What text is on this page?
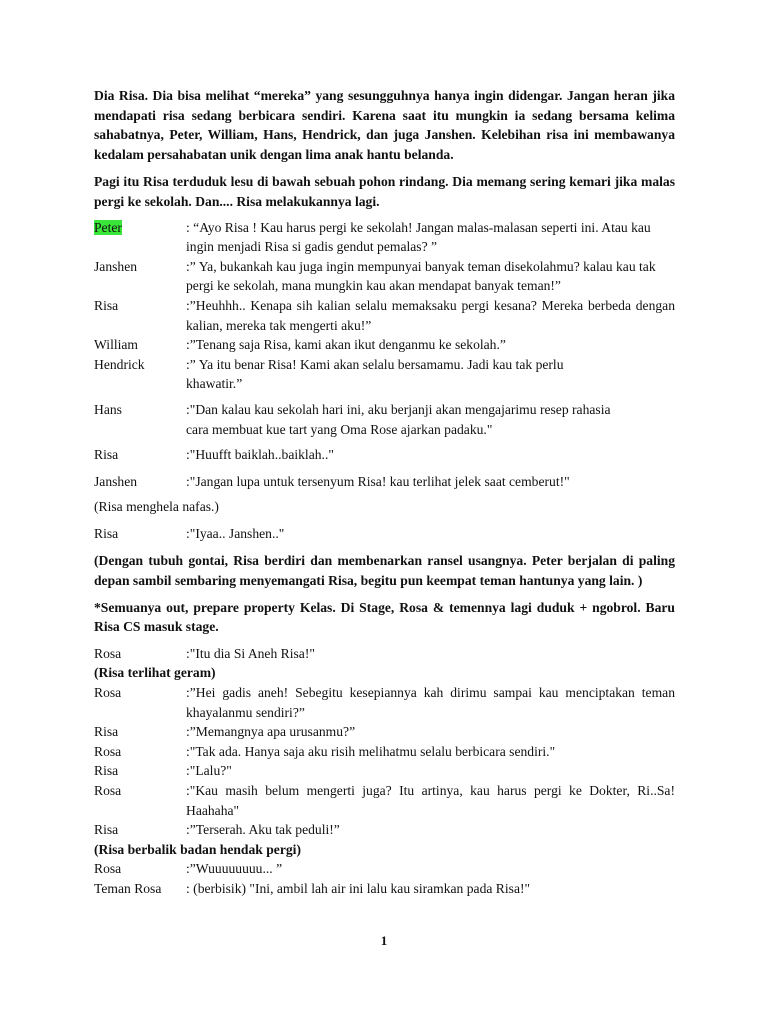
Dia Risa. Dia bisa melihat “mereka” yang sesungguhnya hanya ingin didengar. Jangan heran jika mendapati risa sedang berbicara sendiri. Karena saat itu mungkin ia sedang bersama kelima sahabatnya, Peter, William, Hans, Hendrick, dan juga Janshen. Kelebihan risa ini membawanya kedalam persahabatan unik dengan lima anak hantu belanda.

Pagi itu Risa terduduk lesu di bawah sebuah pohon rindang. Dia memang sering kemari jika malas pergi ke sekolah. Dan.... Risa melakukannya lagi.

Peter	: “Ayo Risa ! Kau harus pergi ke sekolah! Jangan malas-malasan seperti ini. Atau kau ingin menjadi Risa si gadis gendut pemalas? ”
Janshen	:” Ya, bukankah kau juga ingin mempunyai banyak teman disekolahmu? kalau kau tak pergi ke sekolah, mana mungkin kau akan mendapat banyak teman!”
Risa	:”Heuhhh.. Kenapa sih kalian selalu memaksaku pergi kesana? Mereka berbeda dengan kalian, mereka tak mengerti aku!”
William	:”Tenang saja Risa, kami akan ikut denganmu ke sekolah.”
Hendrick	:” Ya itu benar Risa! Kami akan selalu bersamamu. Jadi kau tak perlu khawatir.”
Hans	:"Dan kalau kau sekolah hari ini, aku berjanji akan mengajarimu resep rahasia cara membuat kue tart yang Oma Rose ajarkan padaku."
Risa	:"Huufft baiklah..baiklah.."
Janshen	:"Jangan lupa untuk tersenyum Risa! kau terlihat jelek saat cemberut!"

(Risa menghela nafas.)

Risa	:"Iyaa.. Janshen.."

(Dengan tubuh gontai, Risa berdiri dan membenarkan ransel usangnya. Peter berjalan di paling depan sambil sembaring menyemangati Risa, begitu pun keempat teman hantunya yang lain. )

*Semuanya out, prepare property Kelas. Di Stage, Rosa & temennya lagi duduk + ngobrol. Baru Risa CS masuk stage.

Rosa	:"Itu dia Si Aneh Risa!"

(Risa terlihat geram)

Rosa	:”Hei gadis aneh! Sebegitu kesepiannya kah dirimu sampai kau menciptakan teman khayalanmu sendiri?”
Risa	:”Memangnya apa urusanmu?”
Rosa	:"Tak ada. Hanya saja aku risih melihatmu selalu berbicara sendiri."
Risa	:"Lalu?"
Rosa	:"Kau masih belum mengerti juga? Itu artinya, kau harus pergi ke Dokter, Ri..Sa! Haahaha"
Risa	:”Terserah. Aku tak peduli!”

(Risa berbalik badan hendak pergi)

Rosa	:”Wuuuuuuuu... ”
Teman Rosa	: (berbisik) "Ini, ambil lah air ini lalu kau siramkan pada Risa!"
1
